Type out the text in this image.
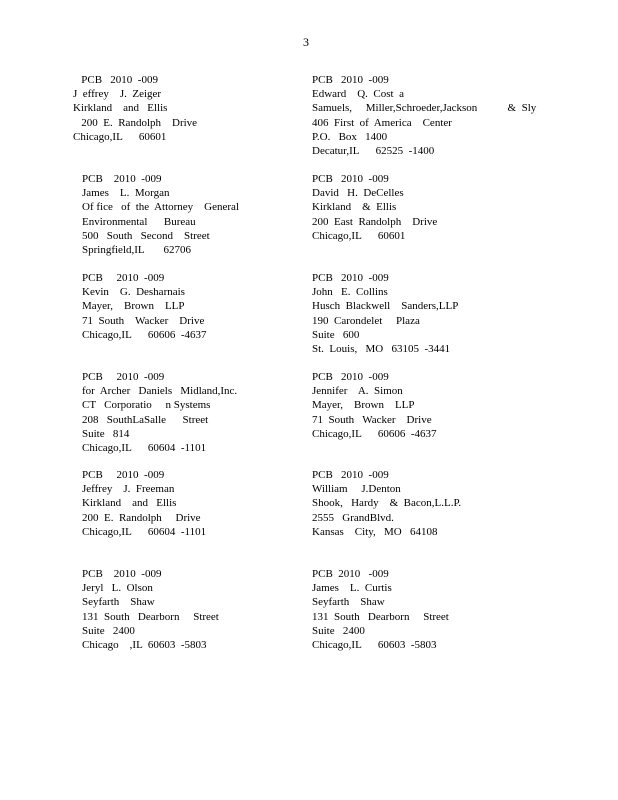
3
PCB   2010  -009
J  effrey    J.  Zeiger
Kirkland    and   Ellis
200  E.  Randolph    Drive
Chicago,IL      60601
PCB   2010  -009
Edward    Q.  Cost  a
Samuels,     Miller,Schroeder,Jackson           &  Sly
406  First  of  America    Center
P.O.   Box   1400
Decatur,IL      62525  -1400
PCB    2010  -009
James    L.  Morgan
Of fice   of  the  Attorney    General
Environmental      Bureau
500   South   Second    Street
Springfield,IL       62706
PCB   2010  -009
David   H.  DeCelles
Kirkland    &  Ellis
200  East  Randolph    Drive
Chicago,IL      60601
PCB     2010  -009
Kevin    G.  Desharnais
Mayer,    Brown    LLP
71  South    Wacker    Drive
Chicago,IL      60606  -4637
PCB   2010  -009
John   E.  Collins
Husch  Blackwell    Sanders,LLP
190  Carondelet     Plaza
Suite   600
St.  Louis,   MO   63105  -3441
PCB     2010  -009
for  Archer   Daniels   Midland,Inc.
CT   Corporatio     n Systems
208   SouthLaSalle      Street
Suite   814
Chicago,IL      60604  -1101
PCB   2010  -009
Jennifer    A.  Simon
Mayer,    Brown    LLP
71  South   Wacker    Drive
Chicago,IL      60606  -4637
PCB     2010  -009
Jeffrey    J.  Freeman
Kirkland    and   Ellis
200  E.  Randolph     Drive
Chicago,IL      60604  -1101
PCB   2010  -009
William     J.Denton
Shook,   Hardy    &  Bacon,L.L.P.
2555   GrandBlvd.
Kansas    City,   MO   64108
PCB    2010  -009
Jeryl   L.  Olson
Seyfarth    Shaw
131  South   Dearborn     Street
Suite   2400
Chicago    ,IL  60603  -5803
PCB  2010   -009
James    L.  Curtis
Seyfarth    Shaw
131  South   Dearborn     Street
Suite   2400
Chicago,IL      60603  -5803
